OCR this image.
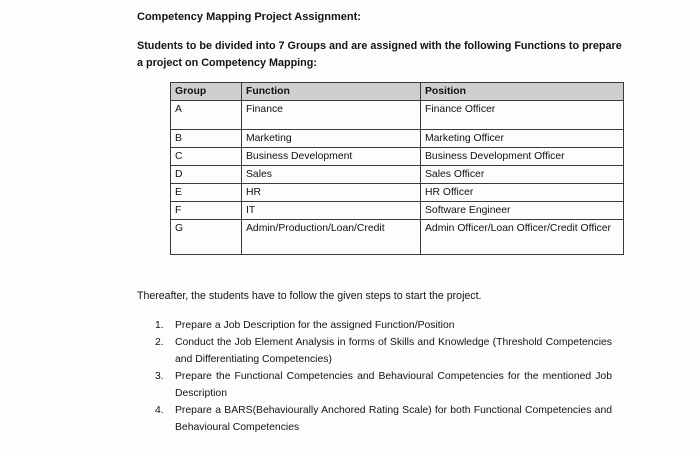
Competency Mapping Project Assignment:
Students to be divided into 7 Groups and are assigned with the following Functions to prepare a project on Competency Mapping:
Group	Function	Position
A	Finance	Finance Officer
B	Marketing	Marketing Officer
C	Business Development	Business Development Officer
D	Sales	Sales Officer
E	HR	HR Officer
F	IT	Software Engineer
G	Admin/Production/Loan/Credit	Admin Officer/Loan Officer/Credit Officer
Thereafter, the students have to follow the given steps to start the project.
1. Prepare a Job Description for the assigned Function/Position
2. Conduct the Job Element Analysis in forms of Skills and Knowledge (Threshold Competencies and Differentiating Competencies)
3. Prepare the Functional Competencies and Behavioural Competencies for the mentioned Job Description
4. Prepare a BARS(Behaviourally Anchored Rating Scale) for both Functional Competencies and Behavioural Competencies
